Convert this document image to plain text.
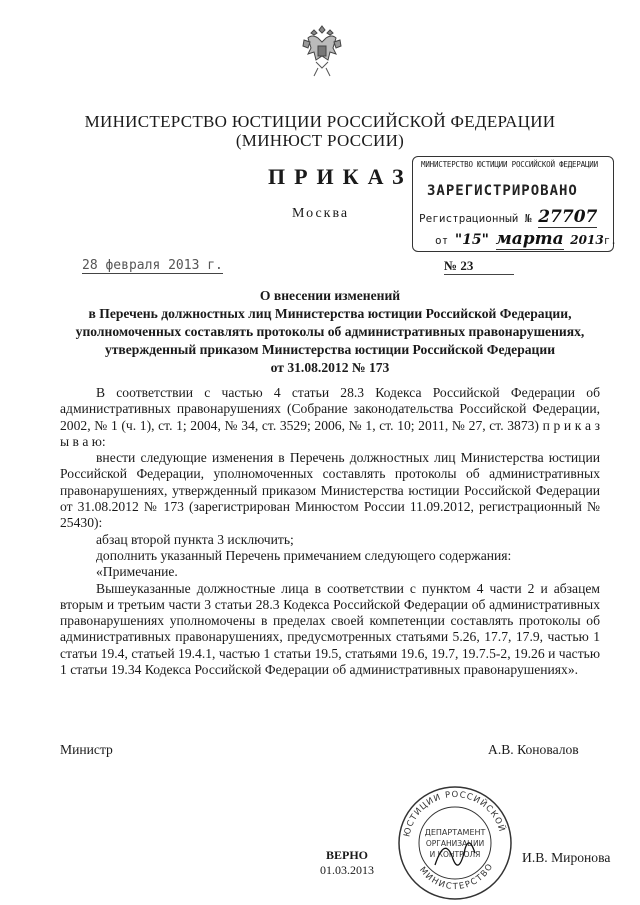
МИНИСТЕРСТВО ЮСТИЦИИ РОССИЙСКОЙ ФЕДЕРАЦИИ
(МИНЮСТ РОССИИ)
ПРИКАЗ
Москва
МИНИСТЕРСТВО ЮСТИЦИИ РОССИЙСКОЙ ФЕДЕРАЦИИ
ЗАРЕГИСТРИРОВАНО
Регистрационный № 27707
от "15" марта 2013г.
28 февраля 2013 г.	№ 23
О внесении изменений
в Перечень должностных лиц Министерства юстиции Российской Федерации,
уполномоченных составлять протоколы об административных правонарушениях,
утвержденный приказом Министерства юстиции Российской Федерации
от 31.08.2012 № 173

В соответствии с частью 4 статьи 28.3 Кодекса Российской Федерации об административных правонарушениях (Собрание законодательства Российской Федерации, 2002, № 1 (ч. 1), ст. 1; 2004, № 34, ст. 3529; 2006, № 1, ст. 10; 2011, № 27, ст. 3873) п р и к а з ы в а ю:

внести следующие изменения в Перечень должностных лиц Министерства юстиции Российской Федерации, уполномоченных составлять протоколы об административных правонарушениях, утвержденный приказом Министерства юстиции Российской Федерации от 31.08.2012 № 173 (зарегистрирован Минюстом России 11.09.2012, регистрационный № 25430):

абзац второй пункта 3 исключить;

дополнить указанный Перечень примечанием следующего содержания:

«Примечание.

Вышеуказанные должностные лица в соответствии с пунктом 4 части 2 и абзацем вторым и третьим части 3 статьи 28.3 Кодекса Российской Федерации об административных правонарушениях уполномочены в пределах своей компетенции составлять протоколы об административных правонарушениях, предусмотренных статьями 5.26, 17.7, 17.9, частью 1 статьи 19.4, статьей 19.4.1, частью 1 статьи 19.5, статьями 19.6, 19.7, 19.7.5-2, 19.26 и частью 1 статьи 19.34 Кодекса Российской Федерации об административных правонарушениях».

Министр	А.В. Коновалов
ЮСТИЦИИ РОССИЙСКОЙ
МИНИСТЕРСТВО
ДЕПАРТАМЕНТ
ОРГАНИЗАЦИИ
И КОНТРОЛЯ
ВЕРНО
01.03.2013
И.В. Миронова
